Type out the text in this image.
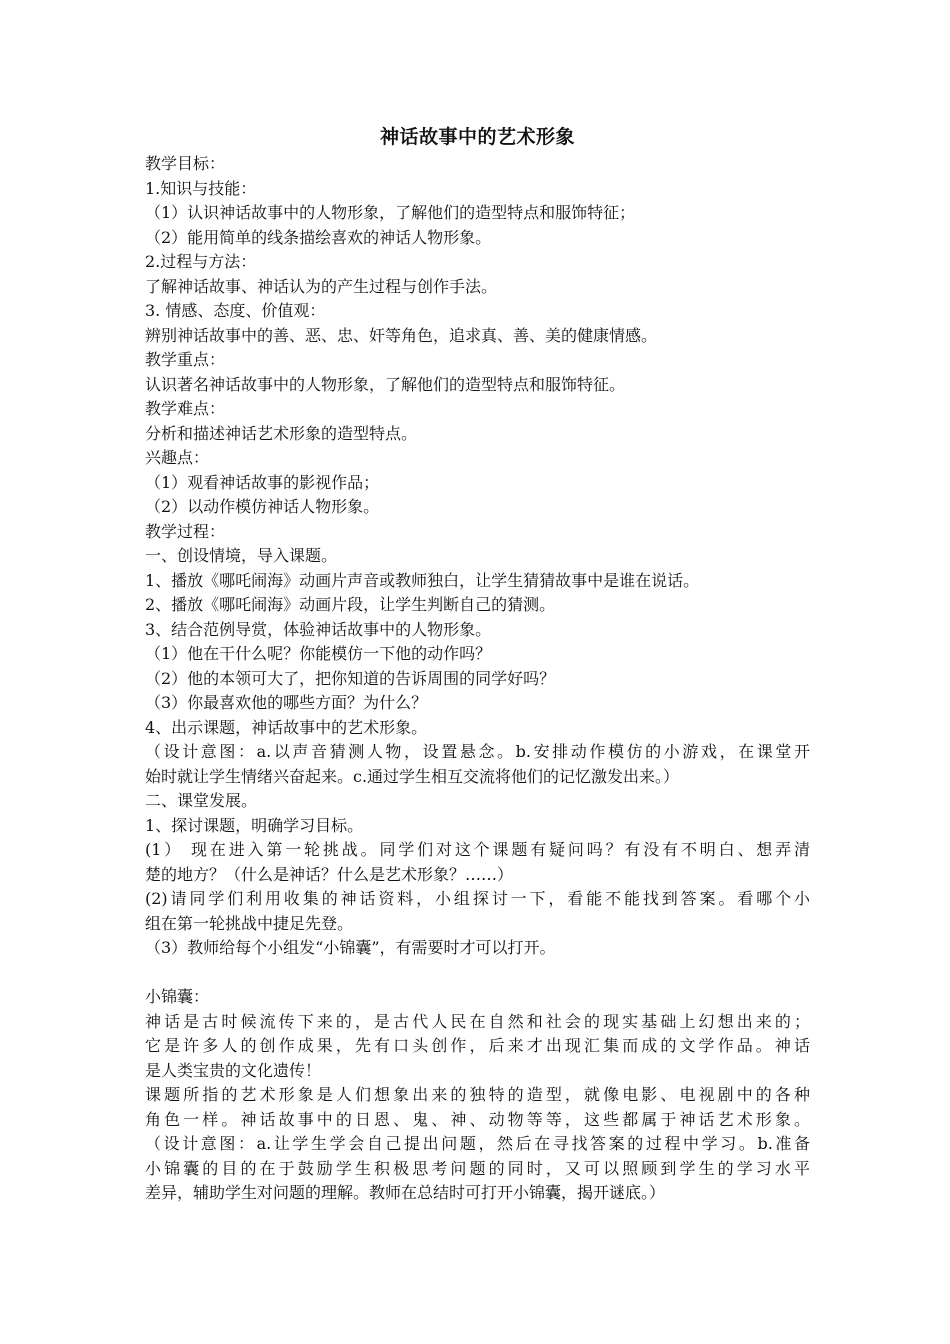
神话故事中的艺术形象
教学目标：
1.知识与技能：
（1）认识神话故事中的人物形象，了解他们的造型特点和服饰特征；
（2）能用简单的线条描绘喜欢的神话人物形象。
2.过程与方法：
了解神话故事、神话认为的产生过程与创作手法。
3. 情感、态度、价值观：
辨别神话故事中的善、恶、忠、奸等角色，追求真、善、美的健康情感。
教学重点：
认识著名神话故事中的人物形象，了解他们的造型特点和服饰特征。
教学难点：
分析和描述神话艺术形象的造型特点。
兴趣点：
（1）观看神话故事的影视作品；
（2）以动作模仿神话人物形象。
教学过程：
一、创设情境，导入课题。
1、播放《哪吒闹海》动画片声音或教师独白，让学生猜猜故事中是谁在说话。
2、播放《哪吒闹海》动画片段，让学生判断自己的猜测。
3、结合范例导赏，体验神话故事中的人物形象。
（1）他在干什么呢？你能模仿一下他的动作吗？
（2）他的本领可大了，把你知道的告诉周围的同学好吗？
（3）你最喜欢他的哪些方面？为什么？
4、出示课题，神话故事中的艺术形象。
（设计意图：a.以声音猜测人物，设置悬念。b.安排动作模仿的小游戏，在课堂开
始时就让学生情绪兴奋起来。c.通过学生相互交流将他们的记忆激发出来。）
二、课堂发展。
1、探讨课题，明确学习目标。
(1） 现在进入第一轮挑战。同学们对这个课题有疑问吗？有没有不明白、想弄清
楚的地方？（什么是神话？什么是艺术形象？……）
(2)请同学们利用收集的神话资料，小组探讨一下，看能不能找到答案。看哪个小
组在第一轮挑战中捷足先登。
（3）教师给每个小组发“小锦囊”，有需要时才可以打开。
小锦囊：
神话是古时候流传下来的，是古代人民在自然和社会的现实基础上幻想出来的；
它是许多人的创作成果，先有口头创作，后来才出现汇集而成的文学作品。神话
是人类宝贵的文化遗传！
课题所指的艺术形象是人们想象出来的独特的造型，就像电影、电视剧中的各种
角色一样。神话故事中的日恩、鬼、神、动物等等，这些都属于神话艺术形象。
（设计意图：a.让学生学会自己提出问题，然后在寻找答案的过程中学习。b.准备
小锦囊的目的在于鼓励学生积极思考问题的同时，又可以照顾到学生的学习水平
差异，辅助学生对问题的理解。教师在总结时可打开小锦囊，揭开谜底。）
